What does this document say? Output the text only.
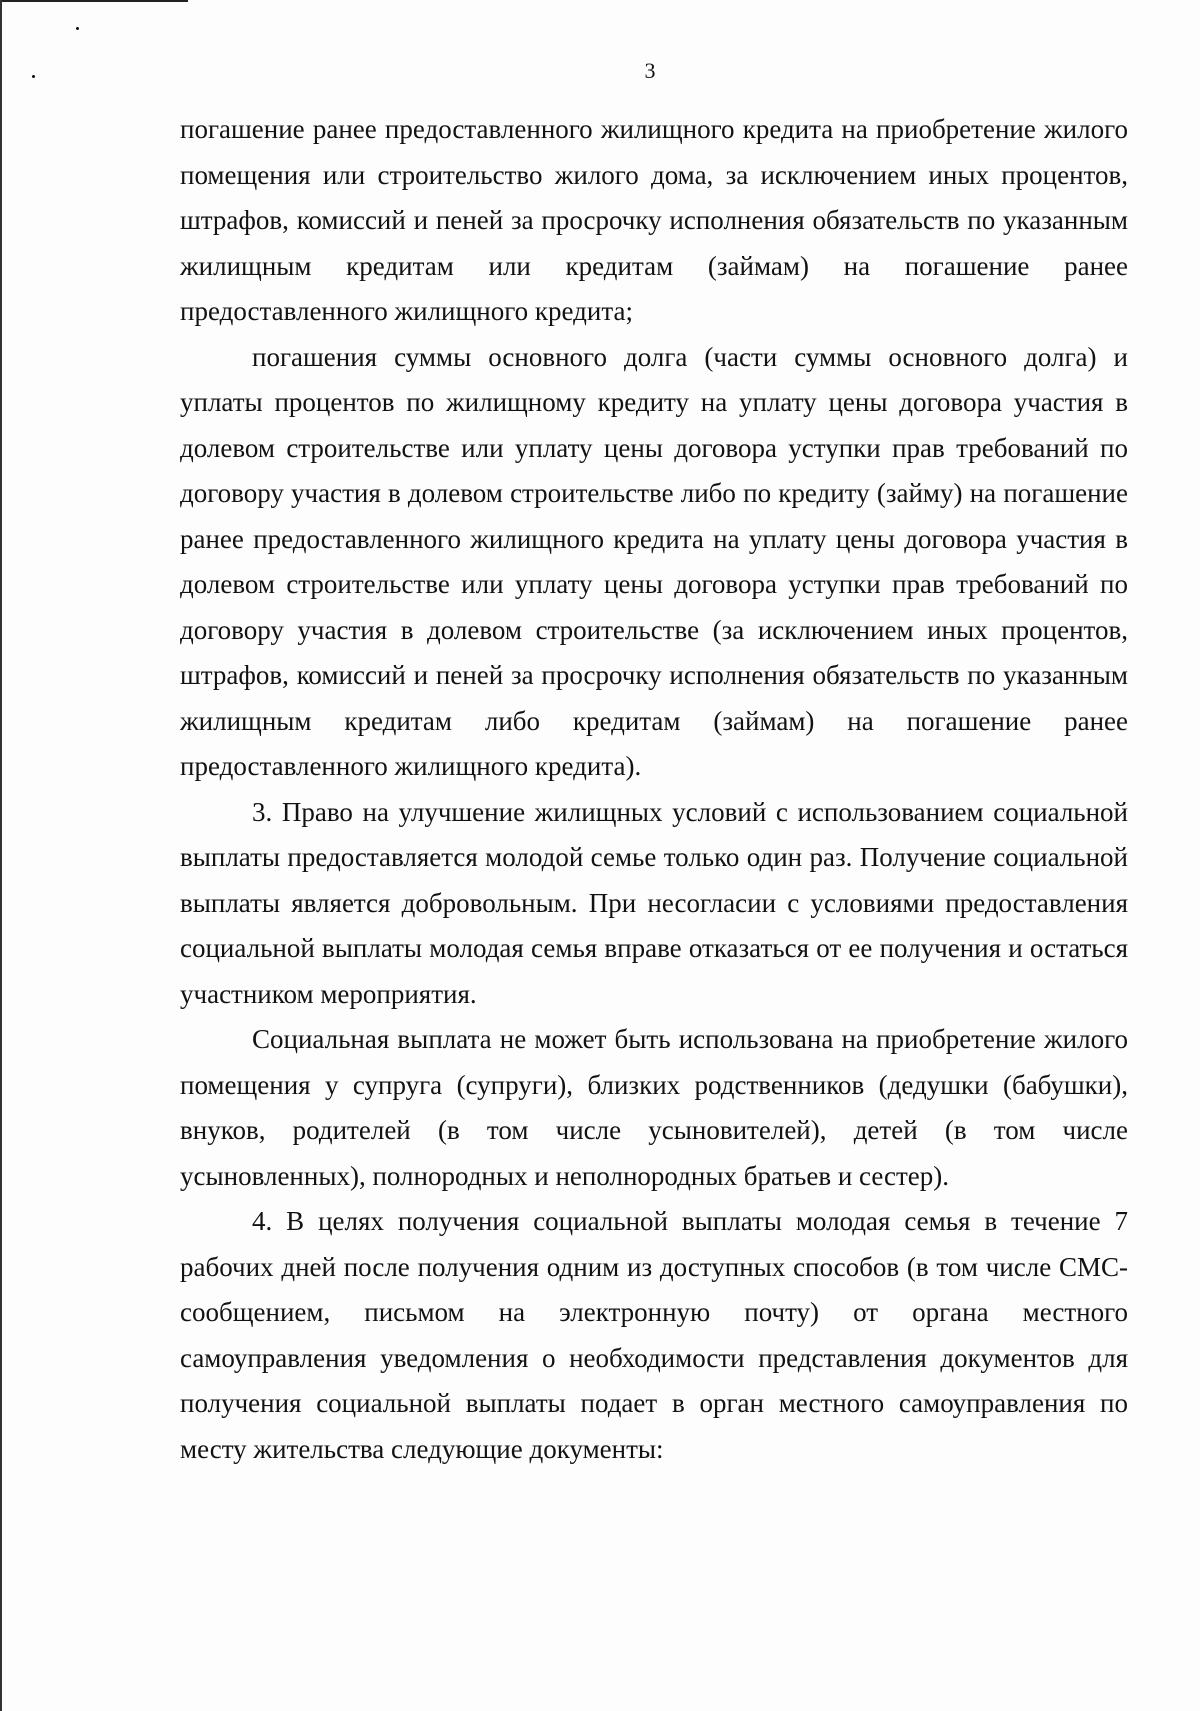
3

погашение ранее предоставленного жилищного кредита на приобретение жилого помещения или строительство жилого дома, за исключением иных процентов, штрафов, комиссий и пеней за просрочку исполнения обязательств по указанным жилищным кредитам или кредитам (займам) на погашение ранее предоставленного жилищного кредита;

погашения суммы основного долга (части суммы основного долга) и уплаты процентов по жилищному кредиту на уплату цены договора участия в долевом строительстве или уплату цены договора уступки прав требований по договору участия в долевом строительстве либо по кредиту (займу) на погашение ранее предоставленного жилищного кредита на уплату цены договора участия в долевом строительстве или уплату цены договора уступки прав требований по договору участия в долевом строительстве (за исключением иных процентов, штрафов, комиссий и пеней за просрочку исполнения обязательств по указанным жилищным кредитам либо кредитам (займам) на погашение ранее предоставленного жилищного кредита).

3. Право на улучшение жилищных условий с использованием социальной выплаты предоставляется молодой семье только один раз. Получение социальной выплаты является добровольным. При несогласии с условиями предоставления социальной выплаты молодая семья вправе отказаться от ее получения и остаться участником мероприятия.

Социальная выплата не может быть использована на приобретение жилого помещения у супруга (супруги), близких родственников (дедушки (бабушки), внуков, родителей (в том числе усыновителей), детей (в том числе усыновленных), полнородных и неполнородных братьев и сестер).

4. В целях получения социальной выплаты молодая семья в течение 7 рабочих дней после получения одним из доступных способов (в том числе СМС-сообщением, письмом на электронную почту) от органа местного самоуправления уведомления о необходимости представления документов для получения социальной выплаты подает в орган местного самоуправления по месту жительства следующие документы:
